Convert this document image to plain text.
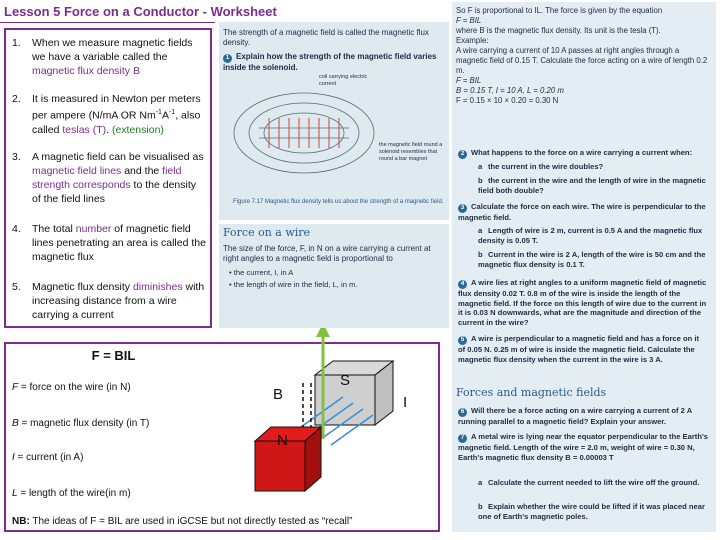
Lesson 5 Force on a Conductor - Worksheet
1. When we measure magnetic fields we have a variable called the magnetic flux density B
2. It is measured in Newton per meters per ampere (N/mA OR $Nm^{-1}A^{-1}$, also called teslas (T). (extension)
3. A magnetic field can be visualised as magnetic field lines and the field strength corresponds to the density of the field lines
4. The total number of magnetic field lines penetrating an area is called the magnetic flux
5. Magnetic flux density diminishes with increasing distance from a wire carrying a current
F = BIL
F = force on the wire (in N)
B = magnetic flux density (in T)
I = current (in A)
L = length of the wire(in m)
NB: The ideas of F = BIL are used in iGCSE but not directly tested as “recall”
B
S
N
I
The strength of a magnetic field is called the magnetic flux density.
1 Explain how the strength of the magnetic field varies inside the solenoid.
coil carrying electric current
the magnetic field round a solenoid resembles that round a bar magnet
Figure 7.17 Magnetic flux density tells us about the strength of a magnetic field.
Force on a wire
The size of the force, F, in N on a wire carrying a current at right angles to a magnetic field is proportional to
• the current, I, in A
• the length of wire in the field, L, in m.
So F is proportional to IL. The force is given by the equation
F = BIL
where B is the magnetic flux density. Its unit is the tesla (T).
Example:
A wire carrying a current of 10 A passes at right angles through a magnetic field of 0.15 T. Calculate the force acting on a wire of length 0.2 m.
F = BIL
B = 0.15 T, I = 10 A, L = 0.20 m
F = 0.15 × 10 × 0.20 = 0.30 N
2 What happens to the force on a wire carrying a current when:
a the current in the wire doubles?
b the current in the wire and the length of wire in the magnetic field both double?
3 Calculate the force on each wire. The wire is perpendicular to the magnetic field.
a Length of wire is 2 m, current is 0.5 A and the magnetic flux density is 0.05 T.
b Current in the wire is 2 A, length of the wire is 50 cm and the magnetic flux density is 0.1 T.
4 A wire lies at right angles to a uniform magnetic field of magnetic flux density 0.02 T. 0.8 m of the wire is inside the length of the magnetic field. If the force on this length of wire due to the current in it is 0.03 N downwards, what are the magnitude and direction of the current in the wire?
5 A wire is perpendicular to a magnetic field and has a force on it of 0.05 N. 0.25 m of wire is inside the magnetic field. Calculate the magnetic flux density when the current in the wire is 3 A.
Forces and magnetic fields
6 Will there be a force acting on a wire carrying a current of 2 A running parallel to a magnetic field? Explain your answer.
7 A metal wire is lying near the equator perpendicular to the Earth's magnetic field. Length of the wire = 2.0 m, weight of wire = 0.30 N, Earth's magnetic flux density B = 0.00003 T
a Calculate the current needed to lift the wire off the ground.
b Explain whether the wire could be lifted if it was placed near one of Earth's magnetic poles.
